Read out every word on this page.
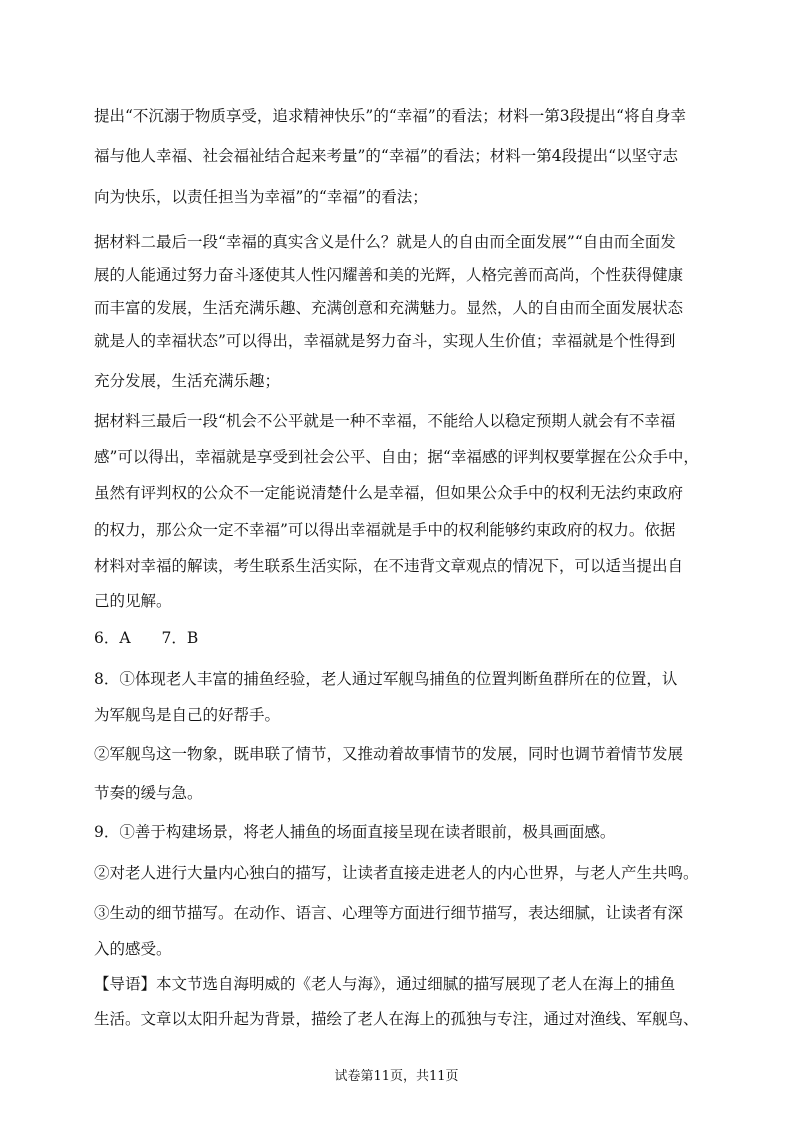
提出“不沉溺于物质享受，追求精神快乐”的“幸福”的看法；材料一第3段提出“将自身幸
福与他人幸福、社会福祉结合起来考量”的“幸福”的看法；材料一第4段提出“以坚守志
向为快乐，以责任担当为幸福”的“幸福”的看法；
据材料二最后一段“幸福的真实含义是什么？就是人的自由而全面发展”“自由而全面发
展的人能通过努力奋斗逐使其人性闪耀善和美的光辉，人格完善而高尚，个性获得健康
而丰富的发展，生活充满乐趣、充满创意和充满魅力。显然，人的自由而全面发展状态
就是人的幸福状态”可以得出，幸福就是努力奋斗，实现人生价值；幸福就是个性得到
充分发展，生活充满乐趣；
据材料三最后一段“机会不公平就是一种不幸福，不能给人以稳定预期人就会有不幸福
感”可以得出，幸福就是享受到社会公平、自由；据“幸福感的评判权要掌握在公众手中，
虽然有评判权的公众不一定能说清楚什么是幸福，但如果公众手中的权利无法约束政府
的权力，那公众一定不幸福”可以得出幸福就是手中的权利能够约束政府的权力。依据
材料对幸福的解读，考生联系生活实际，在不违背文章观点的情况下，可以适当提出自
己的见解。
6．A　　7．B
8．①体现老人丰富的捕鱼经验，老人通过军舰鸟捕鱼的位置判断鱼群所在的位置，认
为军舰鸟是自己的好帮手。
②军舰鸟这一物象，既串联了情节，又推动着故事情节的发展，同时也调节着情节发展
节奏的缓与急。
9．①善于构建场景，将老人捕鱼的场面直接呈现在读者眼前，极具画面感。
②对老人进行大量内心独白的描写，让读者直接走进老人的内心世界，与老人产生共鸣。
③生动的细节描写。在动作、语言、心理等方面进行细节描写，表达细腻，让读者有深
入的感受。
【导语】本文节选自海明威的《老人与海》，通过细腻的描写展现了老人在海上的捕鱼
生活。文章以太阳升起为背景，描绘了老人在海上的孤独与专注，通过对渔线、军舰鸟、
试卷第11页，共11页
